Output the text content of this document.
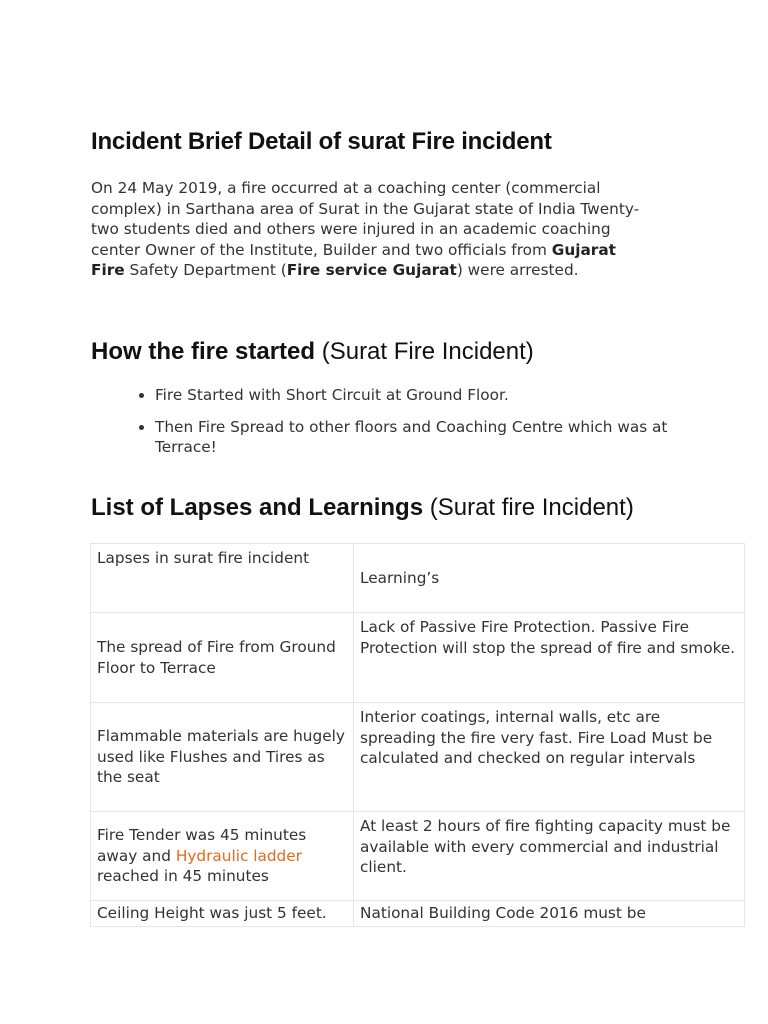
Incident Brief Detail of surat Fire incident

On 24 May 2019, a fire occurred at a coaching center (commercial complex) in Sarthana area of Surat in the Gujarat state of India Twenty-two students died and others were injured in an academic coaching center Owner of the Institute, Builder and two officials from Gujarat Fire Safety Department (Fire service Gujarat) were arrested.

How the fire started (Surat Fire Incident)
• Fire Started with Short Circuit at Ground Floor.
• Then Fire Spread to other floors and Coaching Centre which was at Terrace!
List of Lapses and Learnings (Surat fire Incident)
Lapses in surat fire incident	Learning’s
The spread of Fire from Ground Floor to Terrace	Lack of Passive Fire Protection. Passive Fire Protection will stop the spread of fire and smoke.
Flammable materials are hugely used like Flushes and Tires as the seat	Interior coatings, internal walls, etc are spreading the fire very fast. Fire Load Must be calculated and checked on regular intervals
Fire Tender was 45 minutes away and Hydraulic ladder reached in 45 minutes	At least 2 hours of fire fighting capacity must be available with every commercial and industrial client.
Ceiling Height was just 5 feet.	National Building Code 2016 must be
